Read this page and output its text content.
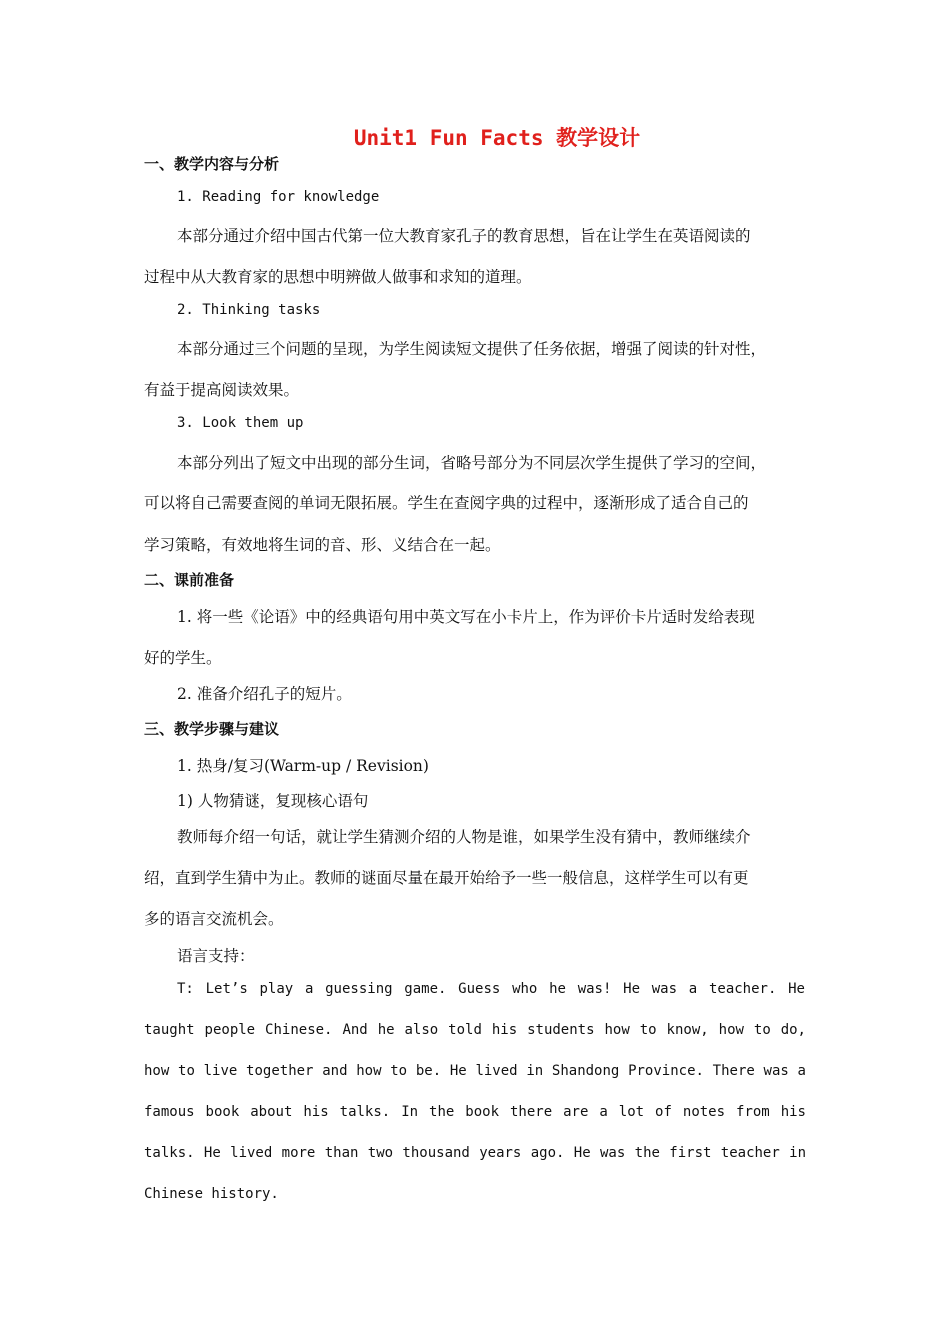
Unit1 Fun Facts 教学设计
一、教学内容与分析
1. Reading for knowledge
本部分通过介绍中国古代第一位大教育家孔子的教育思想，旨在让学生在英语阅读的
过程中从大教育家的思想中明辨做人做事和求知的道理。
2. Thinking tasks
本部分通过三个问题的呈现，为学生阅读短文提供了任务依据，增强了阅读的针对性，
有益于提高阅读效果。
3. Look them up
本部分列出了短文中出现的部分生词，省略号部分为不同层次学生提供了学习的空间，
可以将自己需要查阅的单词无限拓展。学生在查阅字典的过程中，逐渐形成了适合自己的
学习策略，有效地将生词的音、形、义结合在一起。
二、课前准备
1. 将一些《论语》中的经典语句用中英文写在小卡片上，作为评价卡片适时发给表现
好的学生。
2. 准备介绍孔子的短片。
三、教学步骤与建议
1. 热身/复习(Warm-up / Revision)
1) 人物猜谜，复现核心语句
教师每介绍一句话，就让学生猜测介绍的人物是谁，如果学生没有猜中，教师继续介
绍，直到学生猜中为止。教师的谜面尽量在最开始给予一些一般信息，这样学生可以有更
多的语言交流机会。
语言支持：
T: Let’s play a guessing game. Guess who he was! He was a teacher. He
taught people Chinese. And he also told his students how to know, how to do,
how to live together and how to be. He lived in Shandong Province. There was a
famous book about his talks. In the book there are a lot of notes from his
talks. He lived more than two thousand years ago. He was the first teacher in
Chinese history.
